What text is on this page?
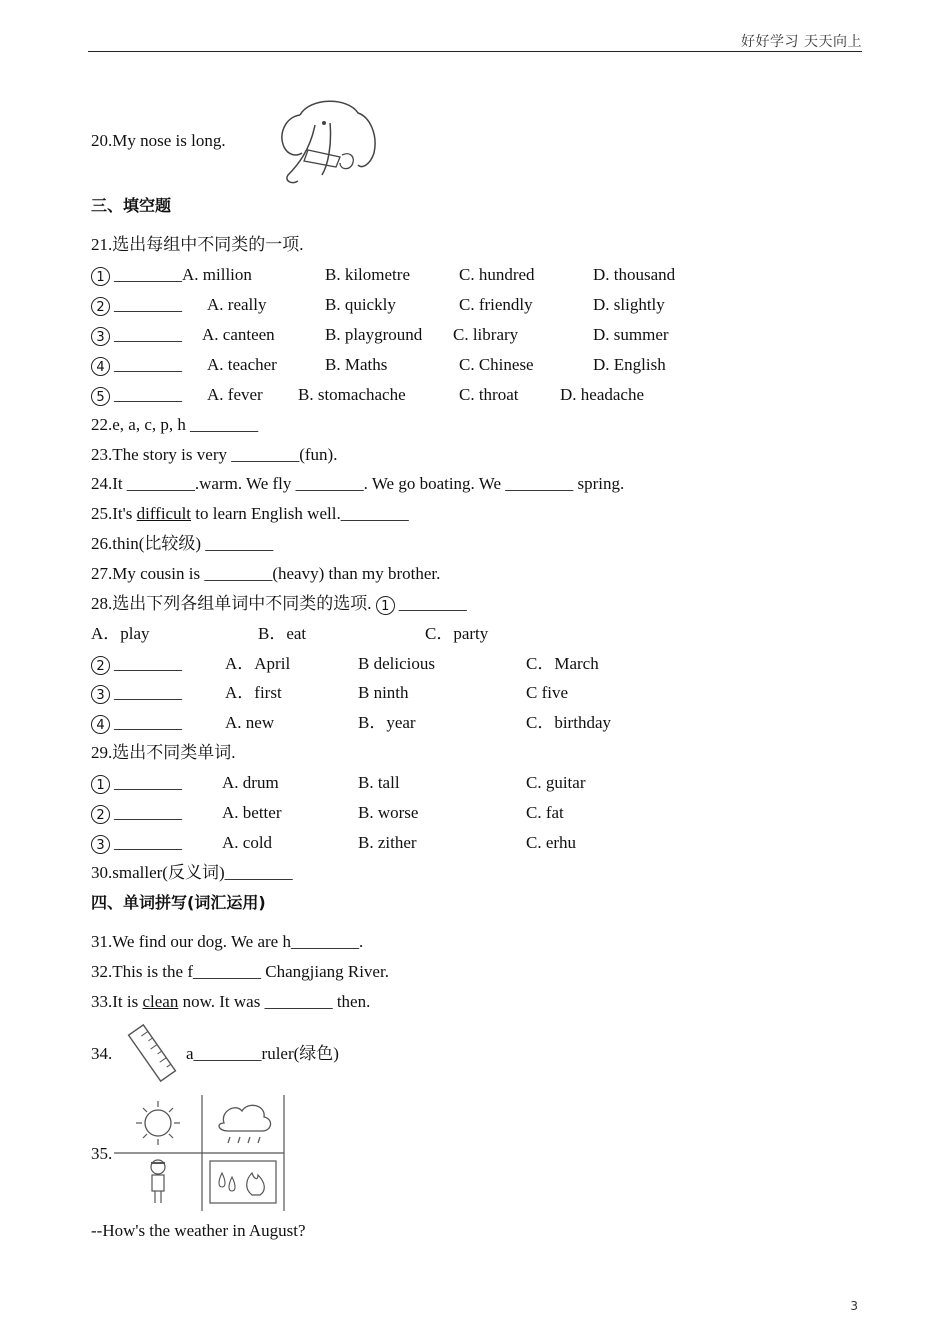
好好学习 天天向上
20.My nose is long.
三、填空题
21.选出每组中不同类的一项.
1 ________A. million	B. kilometre	C. hundred	D. thousand
2 ________ A. really	B. quickly	C. friendly	D. slightly
3 ________ A. canteen	B. playground C. library	D. summer
4 ________ A. teacher	B. Maths	C. Chinese	D. English
5 ________ A. fever B. stomachache	C. throat D. headache
22.e, a, c, p, h ________
23.The story is very ________(fun).
24.It ________.warm. We fly ________. We go boating. We ________ spring.
25.It's difficult to learn English well.________
26.thin(比较级) ________
27.My cousin is ________(heavy) than my brother.
28.选出下列各组单词中不同类的选项. 1 ________
A．play	B．eat	C．party
2 ________	A．April	B delicious	C．March
3 ________	A．first	B ninth	C five
4 ________	A. new	B．year	C．birthday
29.选出不同类单词.
1 ________ A. drum	B. tall	C. guitar
2 ________ A. better	B. worse	C. fat
3 ________ A. cold	B. zither	C. erhu
30.smaller(反义词)________
四、单词拼写(词汇运用)
31.We find our dog. We are h________.
32.This is the f________ Changjiang River.
33.It is clean now. It was ________ then.
34.	a________ruler(绿色)
35.
--How's the weather in August?
3
